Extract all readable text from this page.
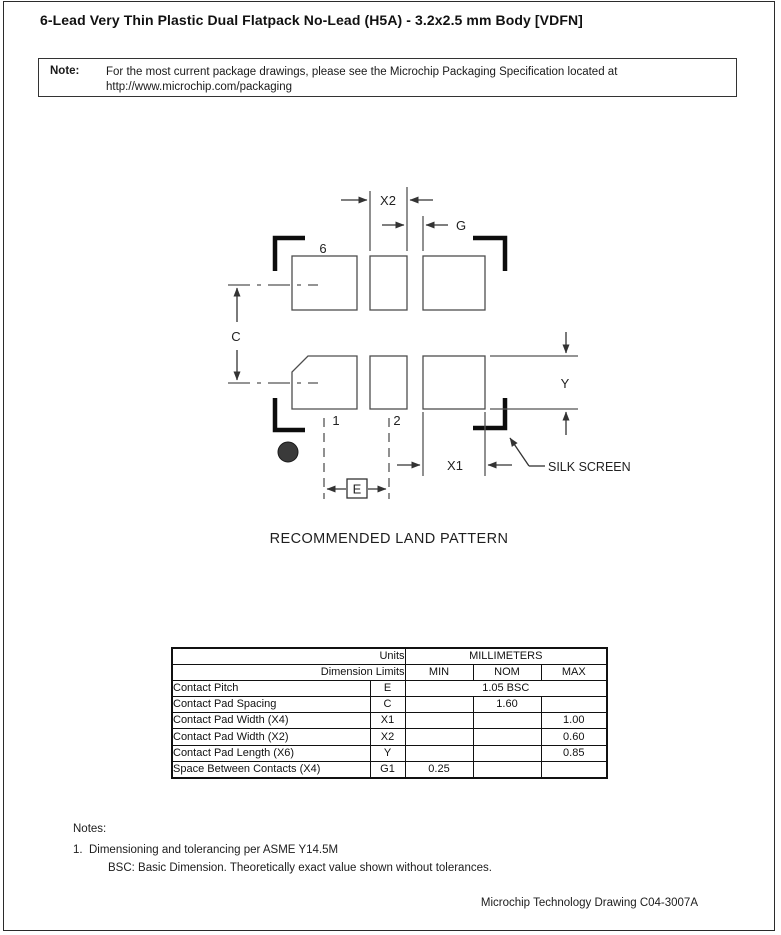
6-Lead Very Thin Plastic Dual Flatpack No-Lead (H5A) - 3.2x2.5 mm Body [VDFN]
Note:	For the most current package drawings, please see the Microchip Packaging Specification located at
http://www.microchip.com/packaging
X2
G
C
Y
X1
E
SILK SCREEN
6
1	2
RECOMMENDED LAND PATTERN
Units		MILLIMETERS		
Dimension Limits		MIN	NOM	MAX
Contact Pitch	E	1.05 BSC		
Contact Pad Spacing	C		1.60	
Contact Pad Width (X4)	X1			1.00
Contact Pad Width (X2)	X2			0.60
Contact Pad Length (X6)	Y			0.85
Space Between Contacts (X4)	G1	0.25		
Notes:
1. Dimensioning and tolerancing per ASME Y14.5M
BSC: Basic Dimension. Theoretically exact value shown without tolerances.
Microchip Technology Drawing C04-3007A
